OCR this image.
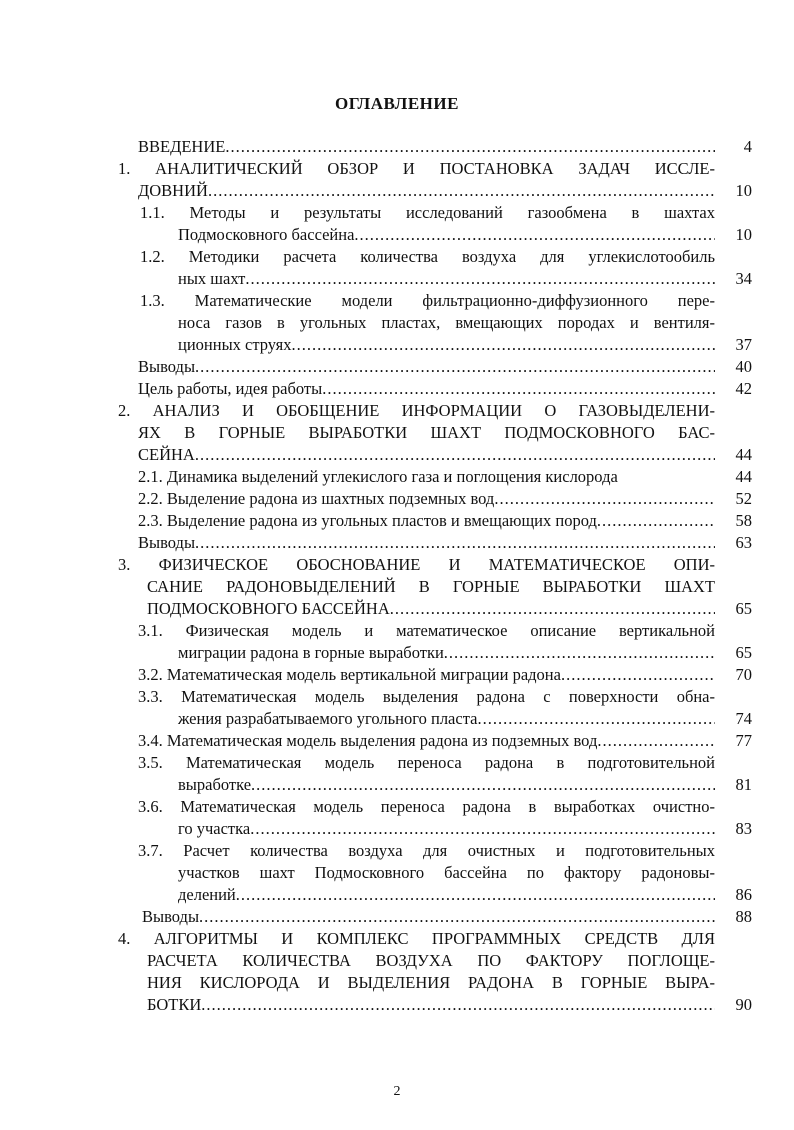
ОГЛАВЛЕНИЕ
ВВЕДЕНИЕ .....	4
1. АНАЛИТИЧЕСКИЙ ОБЗОР И ПОСТАНОВКА ЗАДАЧ ИССЛЕ-
ДОВНИЙ .....	10
1.1. Методы и результаты исследований газообмена в шахтах
Подмосковного бассейна .....	10
1.2. Методики расчета количества воздуха для углекислотообиль
ных шахт .....	34
1.3. Математические модели фильтрационно-диффузионного пере-
носа газов в угольных пластах, вмещающих породах и вентиля-
ционных струях .....	37
Выводы .....	40
Цель работы, идея работы .....	42
2. АНАЛИЗ И ОБОБЩЕНИЕ ИНФОРМАЦИИ О ГАЗОВЫДЕЛЕНИ-
ЯХ В ГОРНЫЕ ВЫРАБОТКИ ШАХТ ПОДМОСКОВНОГО БАС-
СЕЙНА .....	44
2.1. Динамика выделений углекислого газа и поглощения кислорода	44
2.2. Выделение радона из шахтных подземных вод .....	52
2.3. Выделение радона из угольных пластов и вмещающих пород .....	58
Выводы .....	63
3. ФИЗИЧЕСКОЕ ОБОСНОВАНИЕ И МАТЕМАТИЧЕСКОЕ ОПИ-
САНИЕ РАДОНОВЫДЕЛЕНИЙ В ГОРНЫЕ ВЫРАБОТКИ ШАХТ
ПОДМОСКОВНОГО БАССЕЙНА .....	65
3.1. Физическая модель и математическое описание вертикальной
миграции радона в горные выработки .....	65
3.2. Математическая модель вертикальной миграции радона .....	70
3.3. Математическая модель выделения радона с поверхности обна-
жения разрабатываемого угольного пласта .....	74
3.4. Математическая модель выделения радона из подземных вод .....	77
3.5. Математическая модель переноса радона в подготовительной
выработке .....	81
3.6. Математическая модель переноса радона в выработках очистно-
го участка .....	83
3.7. Расчет количества воздуха для очистных и подготовительных
участков шахт Подмосковного бассейна по фактору радоновы-
делений .....	86
Выводы .....	88
4. АЛГОРИТМЫ И КОМПЛЕКС ПРОГРАММНЫХ СРЕДСТВ ДЛЯ
РАСЧЕТА КОЛИЧЕСТВА ВОЗДУХА ПО ФАКТОРУ ПОГЛОЩЕ-
НИЯ КИСЛОРОДА И ВЫДЕЛЕНИЯ РАДОНА В ГОРНЫЕ ВЫРА-
БОТКИ .....	90
2
